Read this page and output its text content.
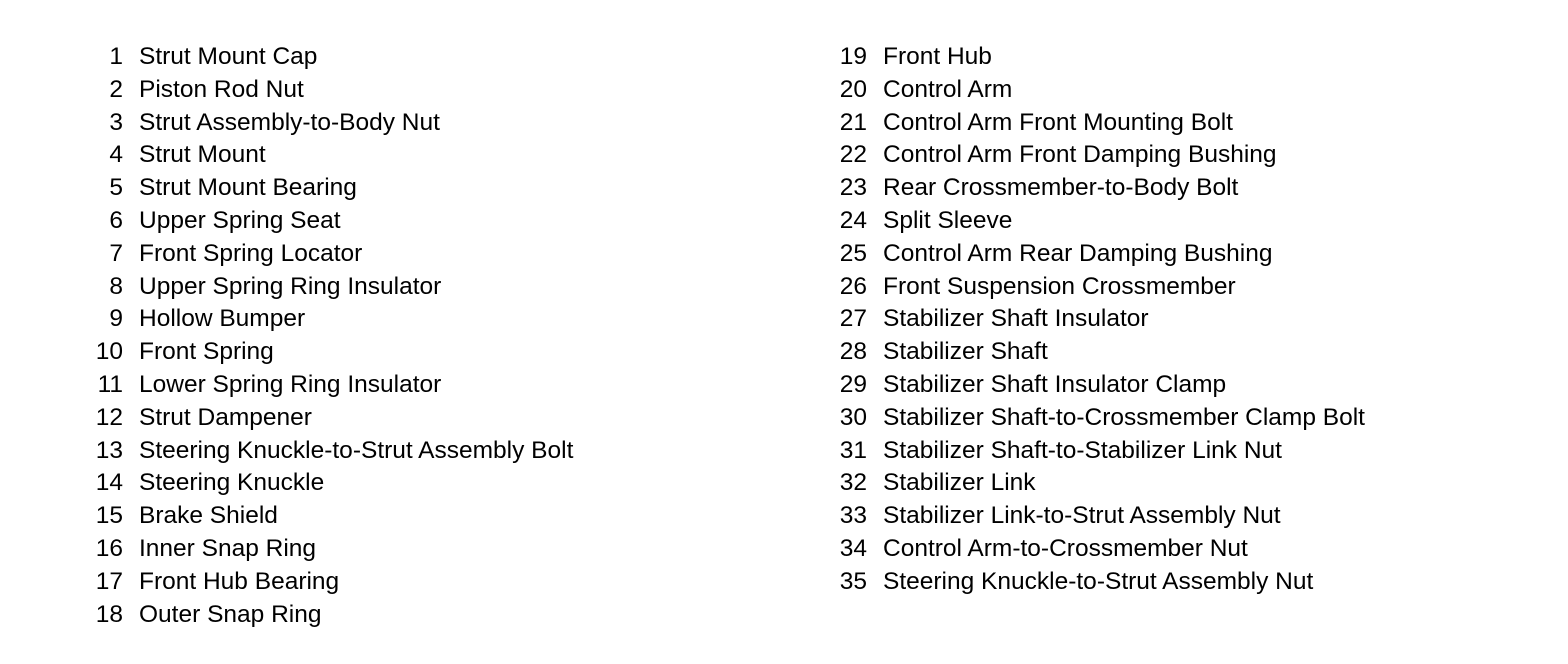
1 Strut Mount Cap
2 Piston Rod Nut
3 Strut Assembly-to-Body Nut
4 Strut Mount
5 Strut Mount Bearing
6 Upper Spring Seat
7 Front Spring Locator
8 Upper Spring Ring Insulator
9 Hollow Bumper
10 Front Spring
11 Lower Spring Ring Insulator
12 Strut Dampener
13 Steering Knuckle-to-Strut Assembly Bolt
14 Steering Knuckle
15 Brake Shield
16 Inner Snap Ring
17 Front Hub Bearing
18 Outer Snap Ring
19 Front Hub
20 Control Arm
21 Control Arm Front Mounting Bolt
22 Control Arm Front Damping Bushing
23 Rear Crossmember-to-Body Bolt
24 Split Sleeve
25 Control Arm Rear Damping Bushing
26 Front Suspension Crossmember
27 Stabilizer Shaft Insulator
28 Stabilizer Shaft
29 Stabilizer Shaft Insulator Clamp
30 Stabilizer Shaft-to-Crossmember Clamp Bolt
31 Stabilizer Shaft-to-Stabilizer Link Nut
32 Stabilizer Link
33 Stabilizer Link-to-Strut Assembly Nut
34 Control Arm-to-Crossmember Nut
35 Steering Knuckle-to-Strut Assembly Nut
